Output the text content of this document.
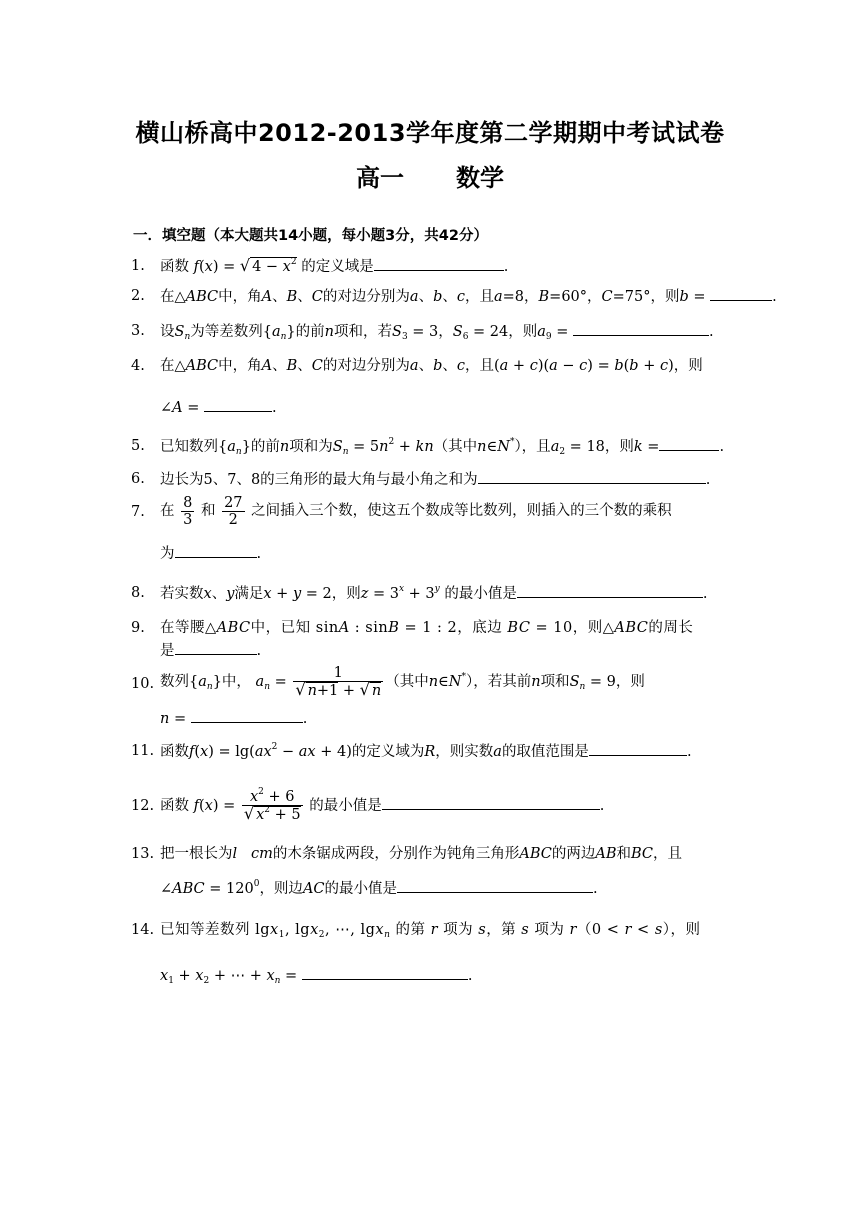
横山桥高中2012-2013学年度第二学期期中考试试卷
高一 数学
一．填空题（本大题共14小题，每小题3分，共42分）
1. 函数 f(x) = √ $4 - x^2$ 的定义域是	.
2. 在△ABC中，角A、B、C的对边分别为a、b、c，且a=8，B=60°，C=75°，则b =	.
3. 设$S_n$为等差数列$\{a_n\}$的前n项和，若$S_3 = 3$，$S_6 = 24$，则$a_9$ =	.
4. 在△ABC中，角A、B、C的对边分别为a、b、c，且(a + c)(a − c) = b(b + c)，则
∠A =	.
5. 已知数列$\{a_n\}$的前n项和为$S_n = 5n^2 + kn$（其中n∈N*），且$a_2 = 18$，则k =	.
6. 边长为5、7、8的三角形的最大角与最小角之和为	.
7. 在 $\frac{8}{3}$ 和 $\frac{27}{2}$ 之间插入三个数，使这五个数成等比数列，则插入的三个数的乘积
为	.
8. 若实数x、y满足x + y = 2，则$z = 3^x + 3^y$ 的最小值是	.
9. 在等腰△ABC中，已知 sinA : sinB = 1 : 2，底边 BC = 10，则△ABC的周长
是	.
10. 数列$\{a_n\}$中， $a_n = \frac{1}{√ n+1 + √ n}$ （其中n∈N*），若其前n项和$S_n = 9$，则
n =	.
11. 函数$f(x) = \lg(ax^2$ − ax + 4)的定义域为R，则实数a的取值范围是	.
12. 函数 $f(x) = \frac{x^2 + 6}{√ x^2 + 5}$ 的最小值是	.
13. 把一根长为l cm的木条锯成两段，分别作为钝角三角形ABC的两边AB和BC，且
∠ABC = $120^0$，则边AC的最小值是	.
14. 已知等差数列 lgx$_1$, lgx$_2$, ⋯, lgx$_n$ 的第 r 项为 s，第 s 项为 r（0 < r < s），则
$x_1 + x_2$ + ⋯ + $x_n$ =	.
